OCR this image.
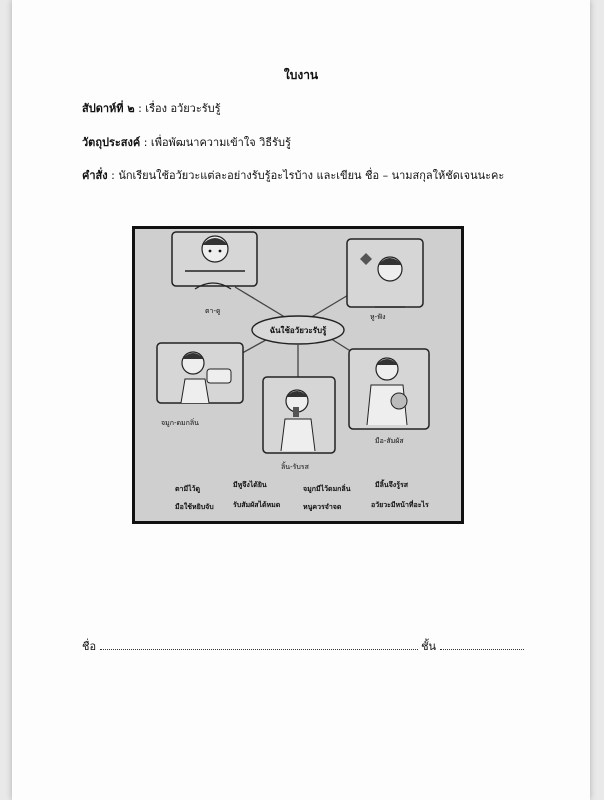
ใบงาน
สัปดาห์ที่ ๒ : เรื่อง อวัยวะรับรู้
วัตถุประสงค์ : เพื่อพัฒนาความเข้าใจ วิธีรับรู้
คำสั่ง : นักเรียนใช้อวัยวะแต่ละอย่างรับรู้อะไรบ้าง และเขียน ชื่อ – นามสกุลให้ชัดเจนนะคะ
ฉันใช้อวัยวะรับรู้
ตา-ดู
หู-ฟัง
จมูก-ดมกลิ่น
ลิ้น-รับรส
มือ-สัมผัส
ตามีไว้ดู	มีหูจึงได้ยิน	จมูกมีไว้ดมกลิ่น	มีลิ้นจึงรู้รส
มือใช้หยิบจับ	รับสัมผัสได้หมด	หนูควรจำจด	อวัยวะมีหน้าที่อะไร
ชื่อ	ชั้น
